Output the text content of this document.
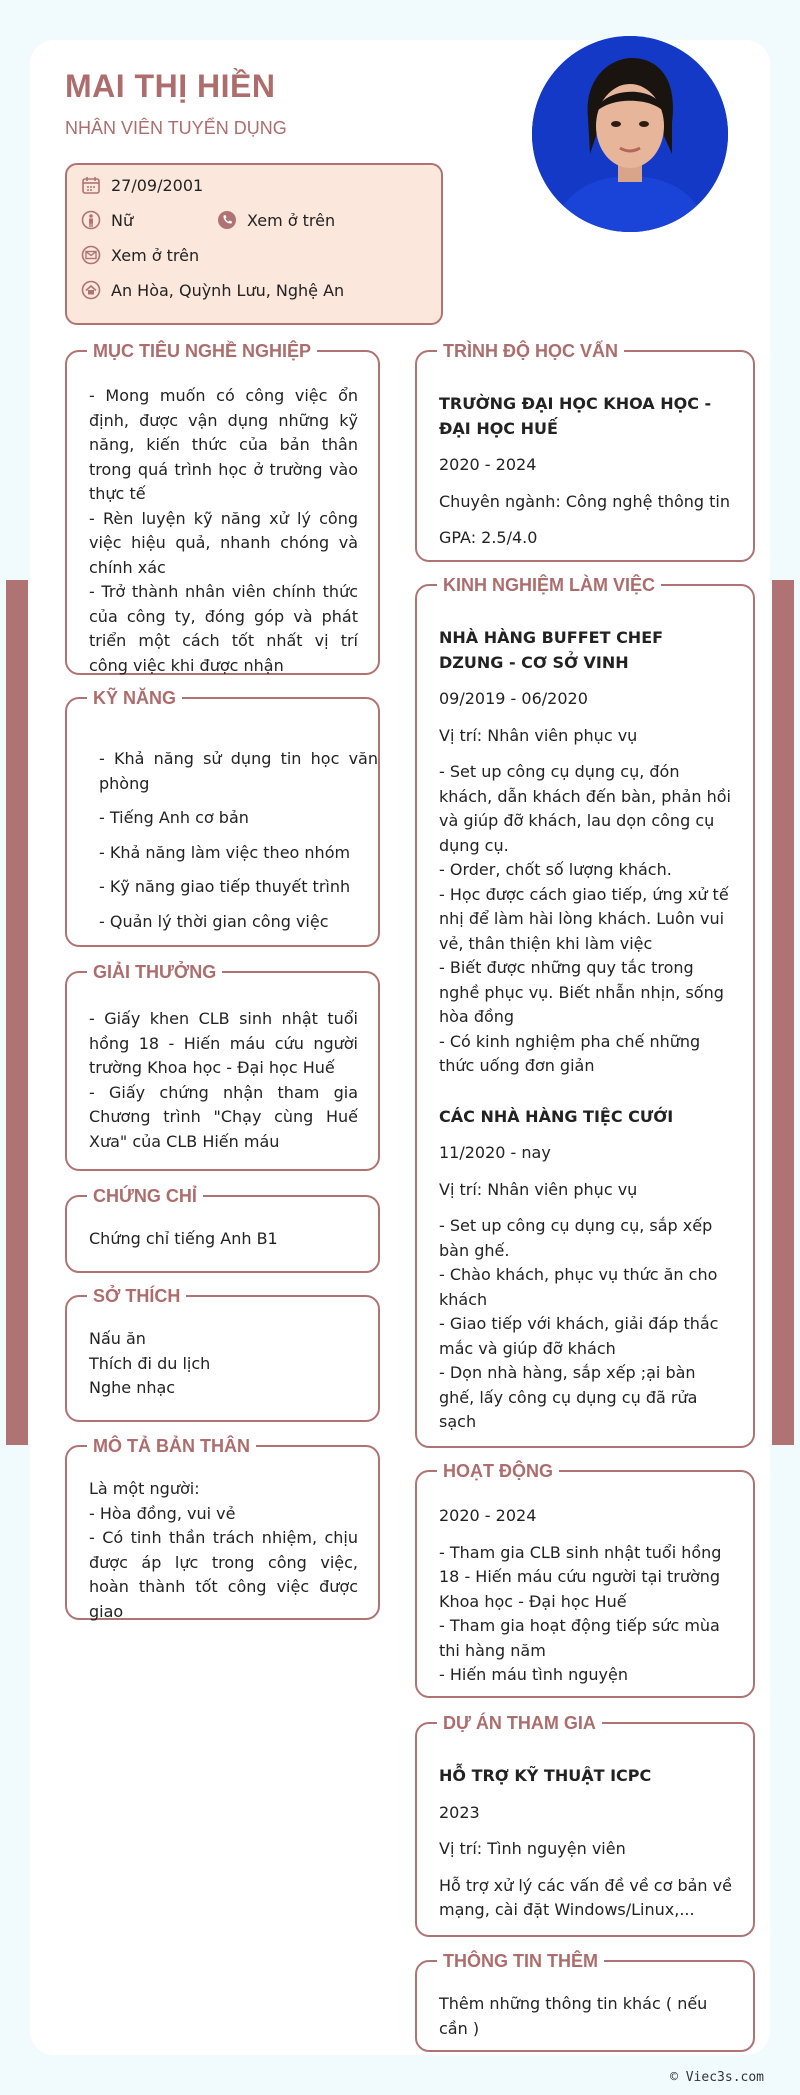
MAI THỊ HIỀN
NHÂN VIÊN TUYỂN DỤNG
27/09/2001
Nữ	Xem ở trên
Xem ở trên
An Hòa, Quỳnh Lưu, Nghệ An
MỤC TIÊU NGHỀ NGHIỆP
- Mong muốn có công việc ổn định, được vận dụng những kỹ năng, kiến thức của bản thân trong quá trình học ở trường vào thực tế
- Rèn luyện kỹ năng xử lý công việc hiệu quả, nhanh chóng và chính xác
- Trở thành nhân viên chính thức của công ty, đóng góp và phát triển một cách tốt nhất vị trí công việc khi được nhận
KỸ NĂNG
- Khả năng sử dụng tin học văn phòng
- Tiếng Anh cơ bản
- Khả năng làm việc theo nhóm
- Kỹ năng giao tiếp thuyết trình
- Quản lý thời gian công việc
GIẢI THƯỞNG
- Giấy khen CLB sinh nhật tuổi hồng 18 - Hiến máu cứu người trường Khoa học - Đại học Huế
- Giấy chứng nhận tham gia Chương trình "Chạy cùng Huế Xưa" của CLB Hiến máu
CHỨNG CHỈ
Chứng chỉ tiếng Anh B1
SỞ THÍCH
Nấu ăn
Thích đi du lịch
Nghe nhạc
MÔ TẢ BẢN THÂN
Là một người:
- Hòa đồng, vui vẻ
- Có tinh thần trách nhiệm, chịu được áp lực trong công việc, hoàn thành tốt công việc được giao
TRÌNH ĐỘ HỌC VẤN
TRƯỜNG ĐẠI HỌC KHOA HỌC - ĐẠI HỌC HUẾ
2020 - 2024
Chuyên ngành: Công nghệ thông tin
GPA: 2.5/4.0
KINH NGHIỆM LÀM VIỆC
NHÀ HÀNG BUFFET CHEF DZUNG - CƠ SỞ VINH
09/2019 - 06/2020
Vị trí: Nhân viên phục vụ
- Set up công cụ dụng cụ, đón khách, dẫn khách đến bàn, phản hồi và giúp đỡ khách, lau dọn công cụ dụng cụ.
- Order, chốt số lượng khách.
- Học được cách giao tiếp, ứng xử tế nhị để làm hài lòng khách. Luôn vui vẻ, thân thiện khi làm việc
- Biết được những quy tắc trong nghề phục vụ. Biết nhẫn nhịn, sống hòa đồng
- Có kinh nghiệm pha chế những thức uống đơn giản
CÁC NHÀ HÀNG TIỆC CƯỚI
11/2020 - nay
Vị trí: Nhân viên phục vụ
- Set up công cụ dụng cụ, sắp xếp bàn ghế.
- Chào khách, phục vụ thức ăn cho khách
- Giao tiếp với khách, giải đáp thắc mắc và giúp đỡ khách
- Dọn nhà hàng, sắp xếp ;ại bàn ghế, lấy công cụ dụng cụ đã rửa sạch
HOẠT ĐỘNG
2020 - 2024
- Tham gia CLB sinh nhật tuổi hồng 18 - Hiến máu cứu người tại trường Khoa học - Đại học Huế
- Tham gia hoạt động tiếp sức mùa thi hàng năm
- Hiến máu tình nguyện
DỰ ÁN THAM GIA
HỖ TRỢ KỸ THUẬT ICPC
2023
Vị trí: Tình nguyện viên
Hỗ trợ xử lý các vấn đề về cơ bản về mạng, cài đặt Windows/Linux,...
THÔNG TIN THÊM
Thêm những thông tin khác ( nếu cần )
© Viec3s.com
